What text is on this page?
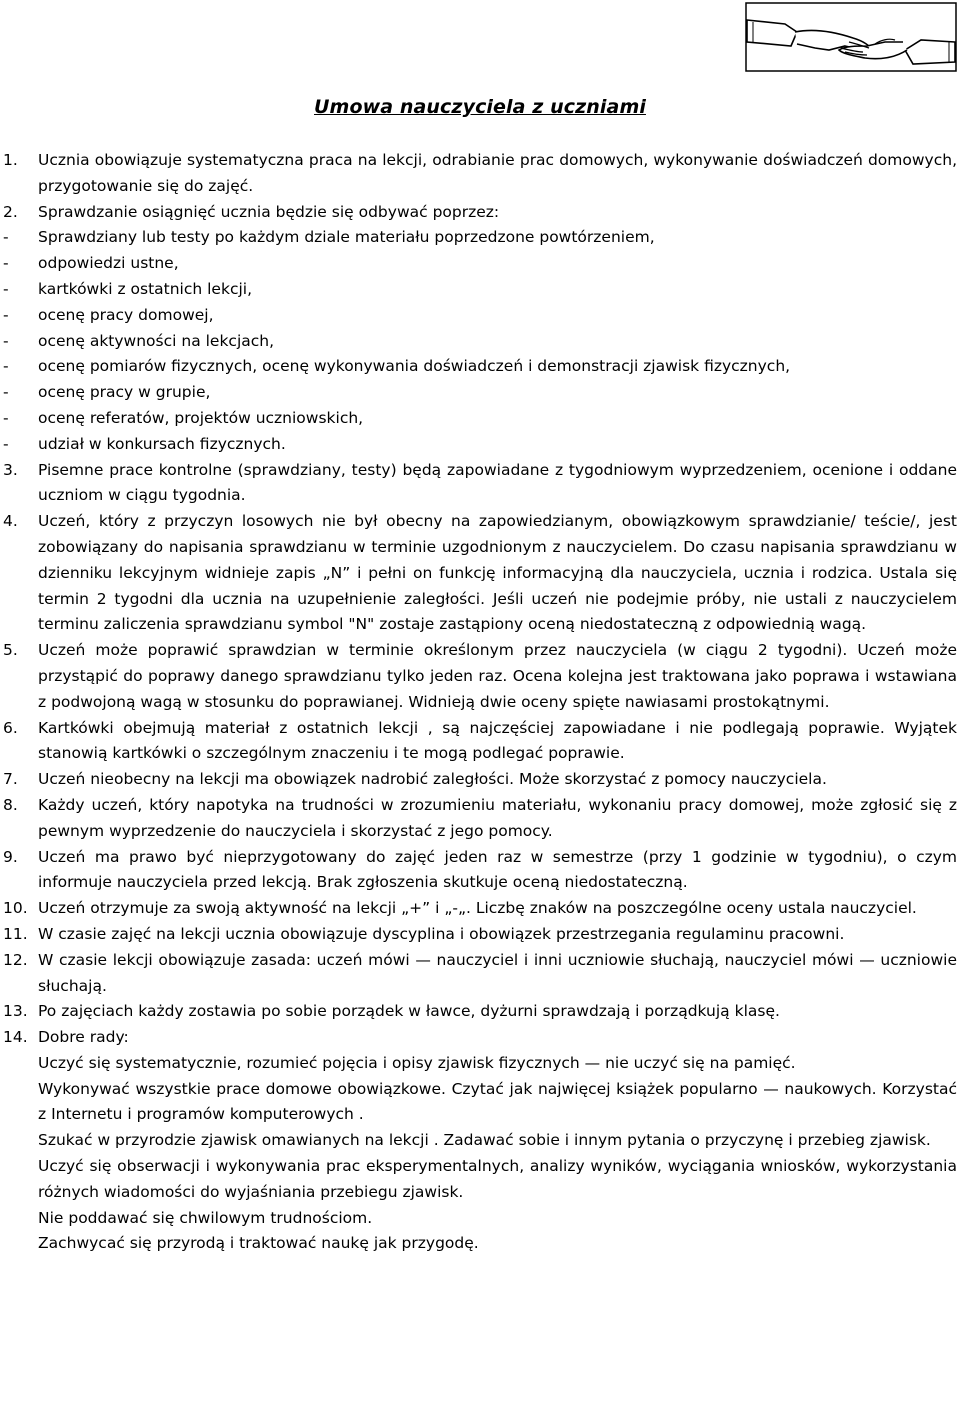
Umowa nauczyciela z uczniami
1.	Ucznia obowiązuje systematyczna praca na lekcji, odrabianie prac domowych, wykonywanie doświadczeń domowych, przygotowanie się do zajęć.
2.	Sprawdzanie osiągnięć ucznia będzie się odbywać poprzez:
-	Sprawdziany lub testy po każdym dziale materiału poprzedzone powtórzeniem,
-	odpowiedzi ustne,
-	kartkówki z ostatnich lekcji,
-	ocenę pracy domowej,
-	ocenę aktywności na lekcjach,
-	ocenę pomiarów fizycznych, ocenę wykonywania doświadczeń i demonstracji zjawisk fizycznych,
-	ocenę pracy w grupie,
-	ocenę referatów, projektów uczniowskich,
-	udział w konkursach fizycznych.
3.	Pisemne prace kontrolne (sprawdziany, testy) będą zapowiadane z tygodniowym wyprzedzeniem, ocenione i oddane uczniom w ciągu tygodnia.
4.	Uczeń, który z przyczyn losowych nie był obecny na zapowiedzianym, obowiązkowym sprawdzianie/ teście/, jest zobowiązany do napisania sprawdzianu w terminie uzgodnionym z nauczycielem. Do czasu napisania sprawdzianu w dzienniku lekcyjnym widnieje zapis „N” i pełni on funkcję informacyjną dla nauczyciela, ucznia i rodzica. Ustala się termin 2 tygodni dla ucznia na uzupełnienie zaległości. Jeśli uczeń nie podejmie próby, nie ustali z nauczycielem terminu zaliczenia sprawdzianu symbol "N" zostaje zastąpiony oceną niedostateczną z odpowiednią wagą.
5.	Uczeń może poprawić sprawdzian w terminie określonym przez nauczyciela (w ciągu 2 tygodni). Uczeń może przystąpić do poprawy danego sprawdzianu tylko jeden raz. Ocena kolejna jest traktowana jako poprawa i wstawiana z podwojoną wagą w stosunku do poprawianej. Widnieją dwie oceny spięte nawiasami prostokątnymi.
6.	Kartkówki obejmują materiał z ostatnich lekcji , są najczęściej zapowiadane i nie podlegają poprawie. Wyjątek stanowią kartkówki o szczególnym znaczeniu i te mogą podlegać poprawie.
7.	Uczeń nieobecny na lekcji ma obowiązek nadrobić zaległości. Może skorzystać z pomocy nauczyciela.
8.	Każdy uczeń, który napotyka na trudności w zrozumieniu materiału, wykonaniu pracy domowej, może zgłosić się z pewnym wyprzedzenie do nauczyciela i skorzystać z jego pomocy.
9.	Uczeń ma prawo być nieprzygotowany do zajęć jeden raz w semestrze (przy 1 godzinie w tygodniu), o czym informuje nauczyciela przed lekcją. Brak zgłoszenia skutkuje oceną niedostateczną.
10. Uczeń otrzymuje za swoją aktywność na lekcji „+” i „-„. Liczbę znaków na poszczególne oceny ustala nauczyciel.
11. W czasie zajęć na lekcji ucznia obowiązuje dyscyplina i obowiązek przestrzegania regulaminu pracowni.
12. W czasie lekcji obowiązuje zasada: uczeń mówi — nauczyciel i inni uczniowie słuchają, nauczyciel mówi — uczniowie słuchają.
13. Po zajęciach każdy zostawia po sobie porządek w ławce, dyżurni sprawdzają i porządkują klasę.
14. Dobre rady:
Uczyć się systematycznie, rozumieć pojęcia i opisy zjawisk fizycznych — nie uczyć się na pamięć.
Wykonywać wszystkie prace domowe obowiązkowe. Czytać jak najwięcej książek popularno — naukowych. Korzystać z Internetu i programów komputerowych .
Szukać w przyrodzie zjawisk omawianych na lekcji . Zadawać sobie i innym pytania o przyczynę i przebieg zjawisk.
Uczyć się obserwacji i wykonywania prac eksperymentalnych, analizy wyników, wyciągania wniosków, wykorzystania różnych wiadomości do wyjaśniania przebiegu zjawisk.
Nie poddawać się chwilowym trudnościom.
Zachwycać się przyrodą i traktować naukę jak przygodę.
